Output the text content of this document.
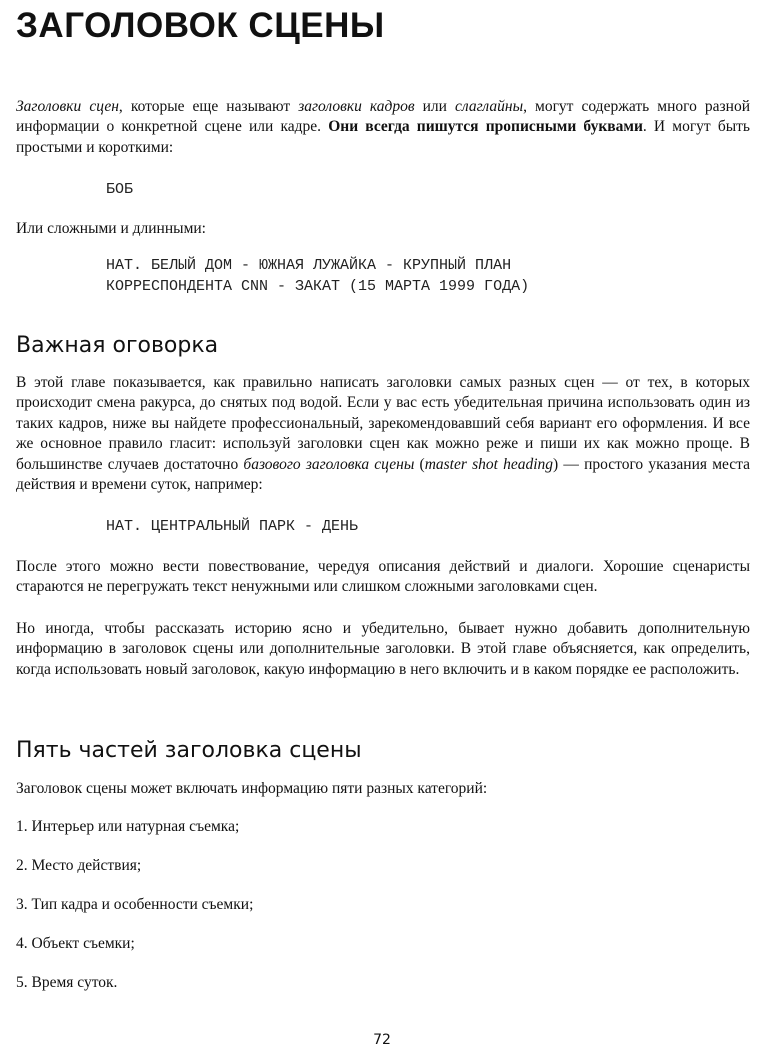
ЗАГОЛОВОК СЦЕНЫ

Заголовки сцен, которые еще называют заголовки кадров или слаглайны, могут содержать много разной информации о конкретной сцене или кадре. Они всегда пишутся прописными буквами. И могут быть простыми и короткими:

БОБ

Или сложными и длинными:

НАТ. БЕЛЫЙ ДОМ - ЮЖНАЯ ЛУЖАЙКА - КРУПНЫЙ ПЛАН

КОРРЕСПОНДЕНТА CNN - ЗАКАТ (15 МАРТА 1999 ГОДА)

Важная оговорка

В этой главе показывается, как правильно написать заголовки самых разных сцен — от тех, в которых происходит смена ракурса, до снятых под водой. Если у вас есть убедительная причина использовать один из таких кадров, ниже вы найдете профессиональный, зарекомендовавший себя вариант его оформления. И все же основное правило гласит: используй заголовки сцен как можно реже и пиши их как можно проще. В большинстве случаев достаточно базового заголовка сцены (master shot heading) — простого указания места действия и времени суток, например:

НАТ. ЦЕНТРАЛЬНЫЙ ПАРК - ДЕНЬ

После этого можно вести повествование, чередуя описания действий и диалоги. Хорошие сценаристы стараются не перегружать текст ненужными или слишком сложными заголовками сцен.

Но иногда, чтобы рассказать историю ясно и убедительно, бывает нужно добавить дополнительную информацию в заголовок сцены или дополнительные заголовки. В этой главе объясняется, как определить, когда использовать новый заголовок, какую информацию в него включить и в каком порядке ее расположить.

Пять частей заголовка сцены

Заголовок сцены может включать информацию пяти разных категорий:

1. Интерьер или натурная съемка;

2. Место действия;

3. Тип кадра и особенности съемки;

4. Объект съемки;

5. Время суток.

72
